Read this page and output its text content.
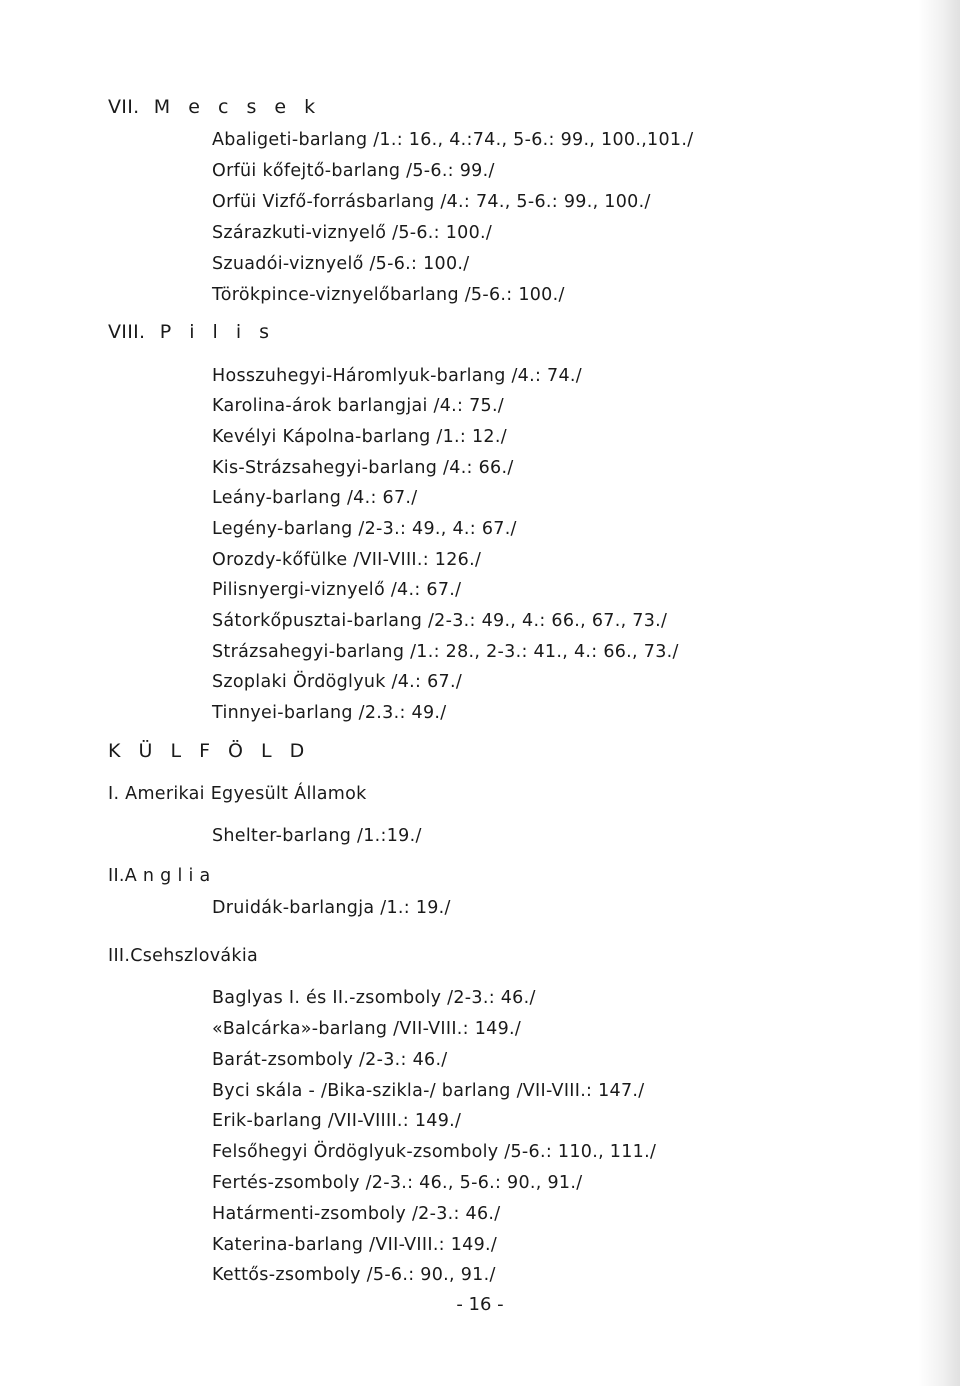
VII. M e c s e k
Abaligeti-barlang /1.: 16., 4.:74., 5-6.: 99., 100.,101./
Orfüi kőfejtő-barlang /5-6.: 99./
Orfüi Vizfő-forrásbarlang /4.: 74., 5-6.: 99., 100./
Szárazkuti-viznyelő /5-6.: 100./
Szuadói-viznyelő /5-6.: 100./
Törökpince-viznyelőbarlang /5-6.: 100./
VIII. P i l i s
Hosszuhegyi-Háromlyuk-barlang /4.: 74./
Karolina-árok barlangjai /4.: 75./
Kevélyi Kápolna-barlang /1.: 12./
Kis-Strázsahegyi-barlang /4.: 66./
Leány-barlang /4.: 67./
Legény-barlang /2-3.: 49., 4.: 67./
Orozdy-kőfülke /VII-VIII.: 126./
Pilisnyergi-viznyelő /4.: 67./
Sátorkőpusztai-barlang /2-3.: 49., 4.: 66., 67., 73./
Strázsahegyi-barlang /1.: 28., 2-3.: 41., 4.: 66., 73./
Szoplaki Ördöglyuk /4.: 67./
Tinnyei-barlang /2.3.: 49./
K Ü L F Ö L D
I. Amerikai Egyesült Államok
Shelter-barlang /1.:19./
II.A n g l i a
Druidák-barlangja /1.: 19./
III.Csehszlovákia
Baglyas I. és II.-zsomboly /2-3.: 46./
«Balcárka»-barlang /VII-VIII.: 149./
Barát-zsomboly /2-3.: 46./
Byci skála - /Bika-szikla-/ barlang /VII-VIII.: 147./
Erik-barlang /VII-VIIII.: 149./
Felsőhegyi Ördöglyuk-zsomboly /5-6.: 110., 111./
Fertés-zsomboly /2-3.: 46., 5-6.: 90., 91./
Határmenti-zsomboly /2-3.: 46./
Katerina-barlang /VII-VIII.: 149./
Kettős-zsomboly /5-6.: 90., 91./
- 16 -
